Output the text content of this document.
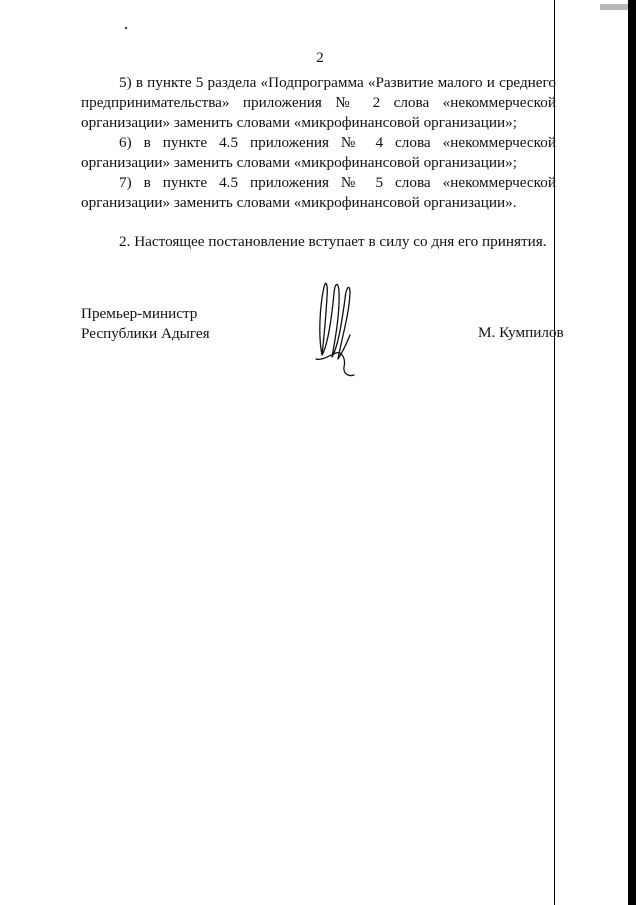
2

5) в пункте 5 раздела «Подпрограмма «Развитие малого и среднего предпринимательства» приложения № 2 слова «некоммерческой организации» заменить словами «микрофинансовой организации»;

6) в пункте 4.5 приложения № 4 слова «некоммерческой организации» заменить словами «микрофинансовой организации»;

7) в пункте 4.5 приложения № 5 слова «некоммерческой организации» заменить словами «микрофинансовой организации».

2. Настоящее постановление вступает в силу со дня его принятия.

Премьер-министр
Республики Адыгея	М. Кумпилов
